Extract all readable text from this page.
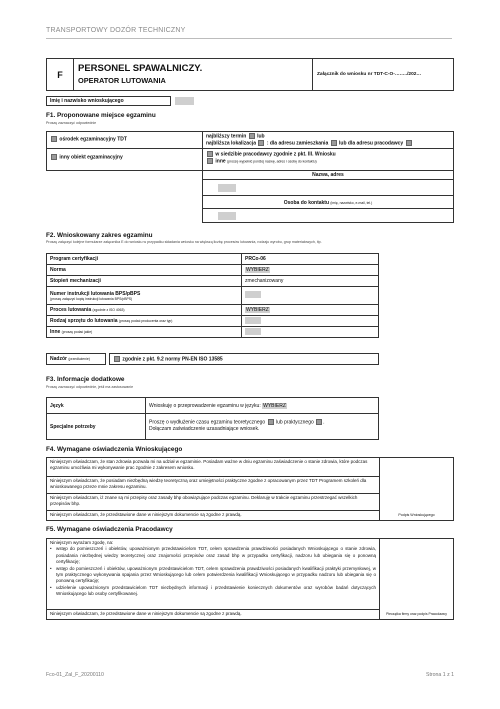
TRANSPORTOWY DOZÓR TECHNICZNY
F
PERSONEL SPAWALNICZY.
OPERATOR LUTOWANIA
Załącznik do wniosku nr TDT-C-O-……../202…
Imię i nazwisko wnioskującego
F1. Proponowane miejsce egzaminu
Proszę zaznaczyć odpowiednie
ośrodek egzaminacyjny TDT
inny obiekt egzaminacyjny
najbliższy termin lub
najbliższa lokalizacja : dla adresu zamieszkania lub dla adresu pracodawcy
w siedzibie pracodawcy zgodnie z pkt. III. Wniosku
inne (proszę wypełnić poniżej nazwę, adres i osobę do kontaktu)
Nazwa, adres
Osoba do kontaktu (imię, nazwisko, e-mail, tel.)
F2. Wnioskowany zakres egzaminu
Proszę załączyć kolejne formularze załącznika E do wniosku w przypadku składania wniosku na większą liczbę procesów lutowania, rodzaju wyrobu, grup materiałowych, itp.
Program certyfikacji	PRCo-06
Norma	WYBIERZ
Stopień mechanizacji	zmechanizowany

Numer instrukcji lutowania BPS/pBPS
(proszę załączyć kopię instrukcji lutowania BPS/pBPS)	

Proces lutowania (zgodnie z ISO 4063)	WYBIERZ
Rodzaj sprzętu do lutowania (proszę podać producenta oraz typ)	
Inne (proszę podać jakie)	
Nadzór (przedłużenie)	zgodnie z pkt. 9.2 normy PN-EN ISO 13585
F3. Informacje dodatkowe
Proszę zaznaczyć odpowiednie, jeśli ma zastosowanie
Język	Wnioskuję o przeprowadzenie egzaminu w języku: WYBIERZ
Specjalne potrzeby
Proszę o wydłużenie czasu egzaminu teoretycznego lub praktycznego .
Dołączam zaświadczenie uzasadniające wniosek.
F4. Wymagane oświadczenia Wnioskującego
Niniejszym oświadczam, że stan zdrowia pozwala mi na udział w egzaminie. Posiadam ważne w dniu egzaminu zaświadczenie o stanie zdrowia, które podczas egzaminu umożliwia mi wykonywanie prac zgodnie z zakresem wniosku.
Niniejszym oświadczam, że posiadam niezbędną wiedzę teoretyczną oraz umiejętności praktyczne zgodne z opracowanym przez TDT Programem szkoleń dla wnioskowanego przeze mnie zakresu egzaminu.
Niniejszym oświadczam, iż znane są mi przepisy oraz zasady bhp obowiązujące podczas egzaminu. Deklaruję w trakcie egzaminu przestrzegać wszelkich przepisów bhp.
Niniejszym oświadczam, że przedstawione dane w niniejszym dokumencie są zgodne z prawdą.	Podpis Wnioskującego
F5. Wymagane oświadczenia Pracodawcy
Niniejszym wyrażam zgodę, na:
• wstęp do pomieszczeń i obiektów, upoważnionym przedstawicielom TDT, celem sprawdzenia prawdziwości posiadanych Wnioskującego o stanie zdrowia, posiadania niezbędnej wiedzy teoretycznej oraz znajomości przepisów oraz zasad bhp w przypadku certyfikacji, nadzoru lub ubiegania się o ponowną certyfikację;
• wstęp do pomieszczeń i obiektów, upoważnionym przedstawicielom TDT, celem sprawdzenia prawdziwości posiadanych kwalifikacji praktyki przemysłowej, w tym praktycznego wykonywania spajania przez Wnioskującego lub celem potwierdzenia kwalifikacji Wnioskującego w przypadku nadzoru lub ubiegania się o ponowną certyfikację;
• udzielenie upoważnionym przedstawicielom TDT niezbędnych informacji i przedstawienie koniecznych dokumentów oraz wyrobów badań dotyczących Wnioskującego lub osoby certyfikowanej.
Niniejszym oświadczam, że przedstawione dane w niniejszym dokumencie są zgodne z prawdą.	Pieczątka firmy oraz podpis Pracodawcy
Fco-01_Zal_F_20200110	Strona 1 z 1
